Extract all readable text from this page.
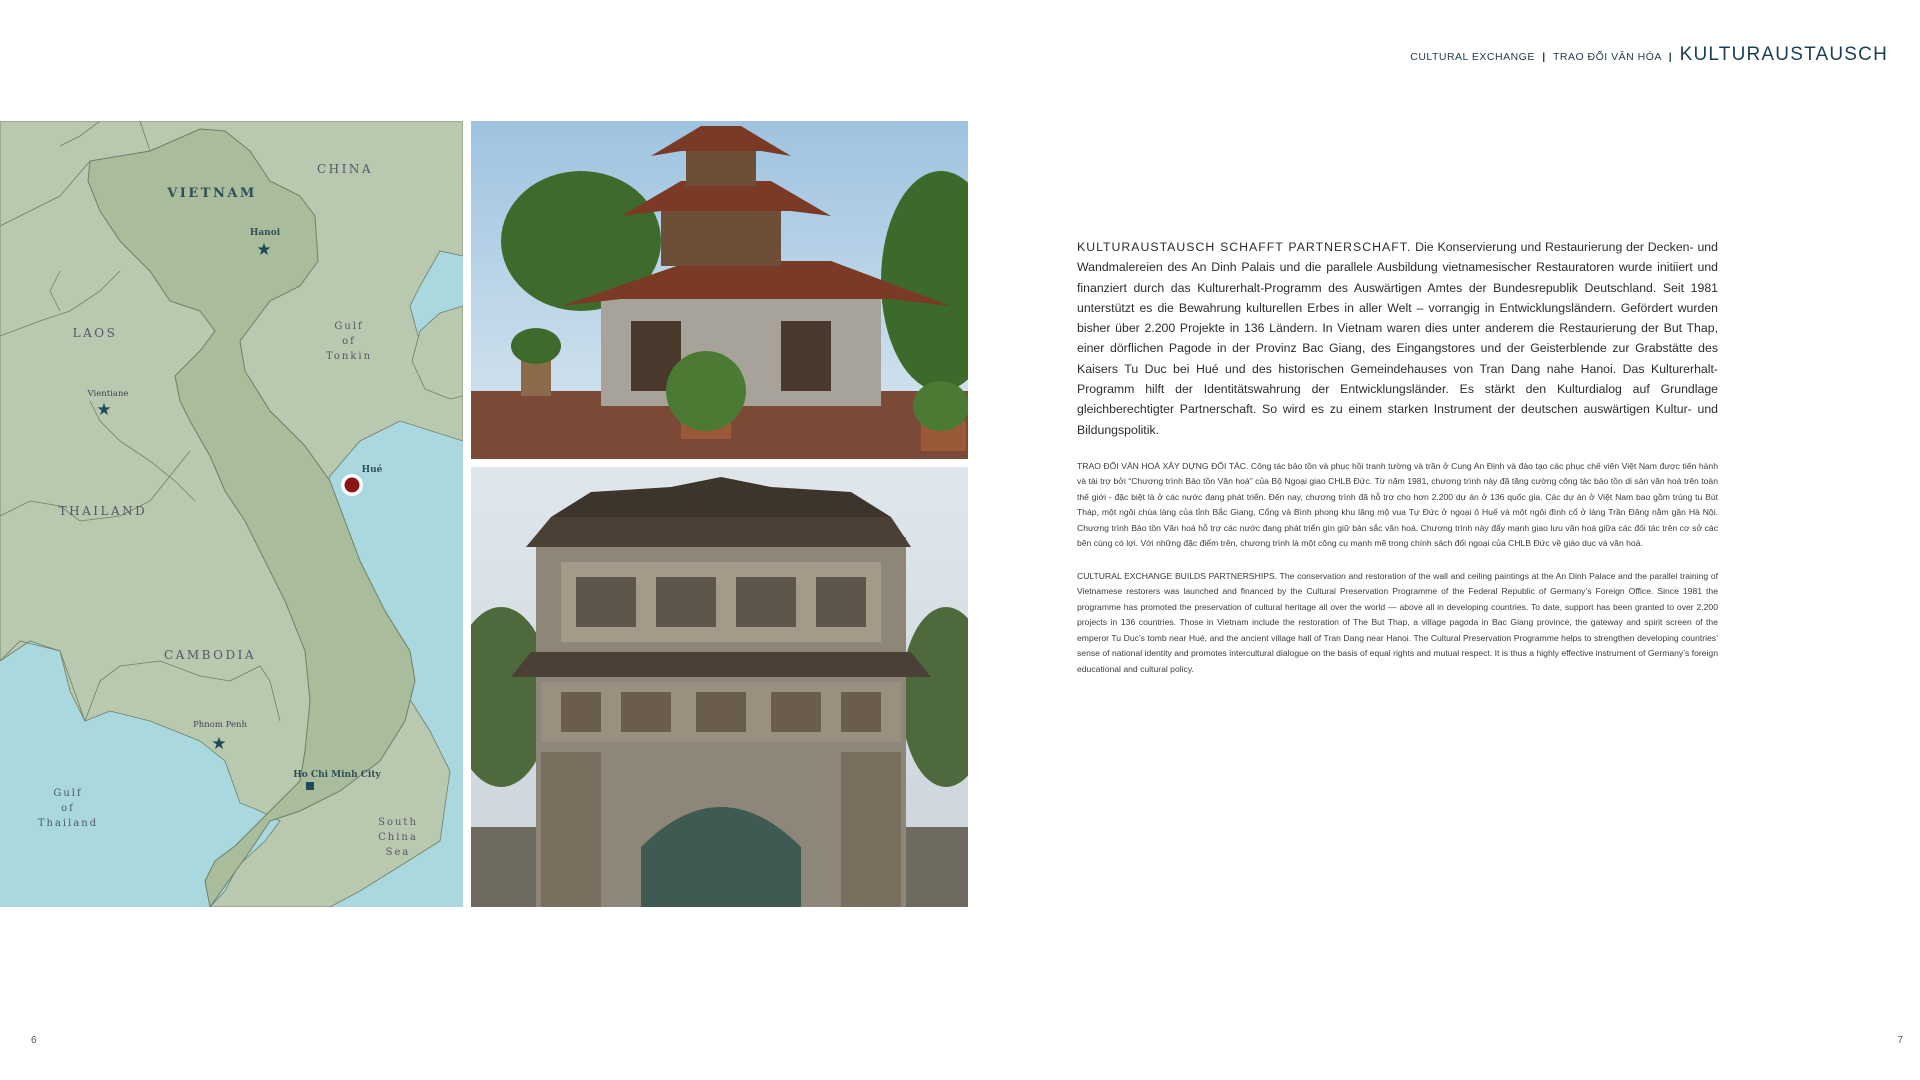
CULTURAL EXCHANGE | TRAO ĐỔI VĂN HÓA | KULTURAUSTAUSCH
VIETNAM
CHINA
LAOS
THAILAND
CAMBODIA
Hanoi
Vientiane
Hué
Phnom Penh
Ho Chi Minh City
★
★
★
Gulf
of
Tonkin
Gulf
of
Thailand	South
China
Sea

KULTURAUSTAUSCH SCHAFFT PARTNERSCHAFT. Die Konservierung und Restaurierung der Decken- und Wandmalereien des An Dinh Palais und die parallele Ausbildung vietnamesischer Restauratoren wurde initiiert und finanziert durch das Kulturerhalt-Programm des Auswärtigen Amtes der Bundesrepublik Deutschland. Seit 1981 unterstützt es die Bewahrung kulturellen Erbes in aller Welt – vorrangig in Entwicklungsländern. Gefördert wurden bisher über 2.200 Projekte in 136 Ländern. In Vietnam waren dies unter anderem die Restaurierung der But Thap, einer dörflichen Pagode in der Provinz Bac Giang, des Eingangstores und der Geisterblende zur Grabstätte des Kaisers Tu Duc bei Hué und des historischen Gemeindehauses von Tran Dang nahe Hanoi. Das Kulturerhalt-Programm hilft der Identitätswahrung der Entwicklungsländer. Es stärkt den Kulturdialog auf Grundlage gleichberechtigter Partnerschaft. So wird es zu einem starken Instrument der deutschen auswärtigen Kultur- und Bildungspolitik.

TRAO ĐỔI VĂN HOÁ XÂY DỰNG ĐỐI TÁC. Công tác bảo tồn và phục hồi tranh tường và trần ở Cung An Định và đào tạo các phục chế viên Việt Nam được tiến hành và tài trợ bởi “Chương trình Bảo tồn Văn hoá” của Bộ Ngoại giao CHLB Đức. Từ năm 1981, chương trình này đã tăng cường công tác bảo tồn di sản văn hoá trên toàn thế giới - đặc biệt là ở các nước đang phát triển. Đến nay, chương trình đã hỗ trợ cho hơn 2.200 dự án ở 136 quốc gia. Các dự án ở Việt Nam bao gồm trùng tu Bút Tháp, một ngôi chùa làng của tỉnh Bắc Giang, Cổng và Bình phong khu lăng mộ vua Tự Đức ở ngoại ô Huế và một ngôi đình cổ ở làng Trần Đăng nằm gần Hà Nội. Chương trình Bảo tồn Văn hoá hỗ trợ các nước đang phát triển gìn giữ bản sắc văn hoá. Chương trình này đẩy mạnh giao lưu văn hoá giữa các đối tác trên cơ sở các bên cùng có lợi. Với những đặc điểm trên, chương trình là một công cụ mạnh mẽ trong chính sách đối ngoại của CHLB Đức về giáo dục và văn hoá.

CULTURAL EXCHANGE BUILDS PARTNERSHIPS. The conservation and restoration of the wall and ceiling paintings at the An Dinh Palace and the parallel training of Vietnamese restorers was launched and financed by the Cultural Preservation Programme of the Federal Republic of Germany’s Foreign Office. Since 1981 the programme has promoted the preservation of cultural heritage all over the world — above all in developing countries. To date, support has been granted to over 2,200 projects in 136 countries. Those in Vietnam include the restoration of The But Thap, a village pagoda in Bac Giang province, the gateway and spirit screen of the emperor Tu Duc’s tomb near Hué, and the ancient village hall of Tran Dang near Hanoi. The Cultural Preservation Programme helps to strengthen developing countries’ sense of national identity and promotes intercultural dialogue on the basis of equal rights and mutual respect. It is thus a highly effective instrument of Germany’s foreign educational and cultural policy.

6	7
